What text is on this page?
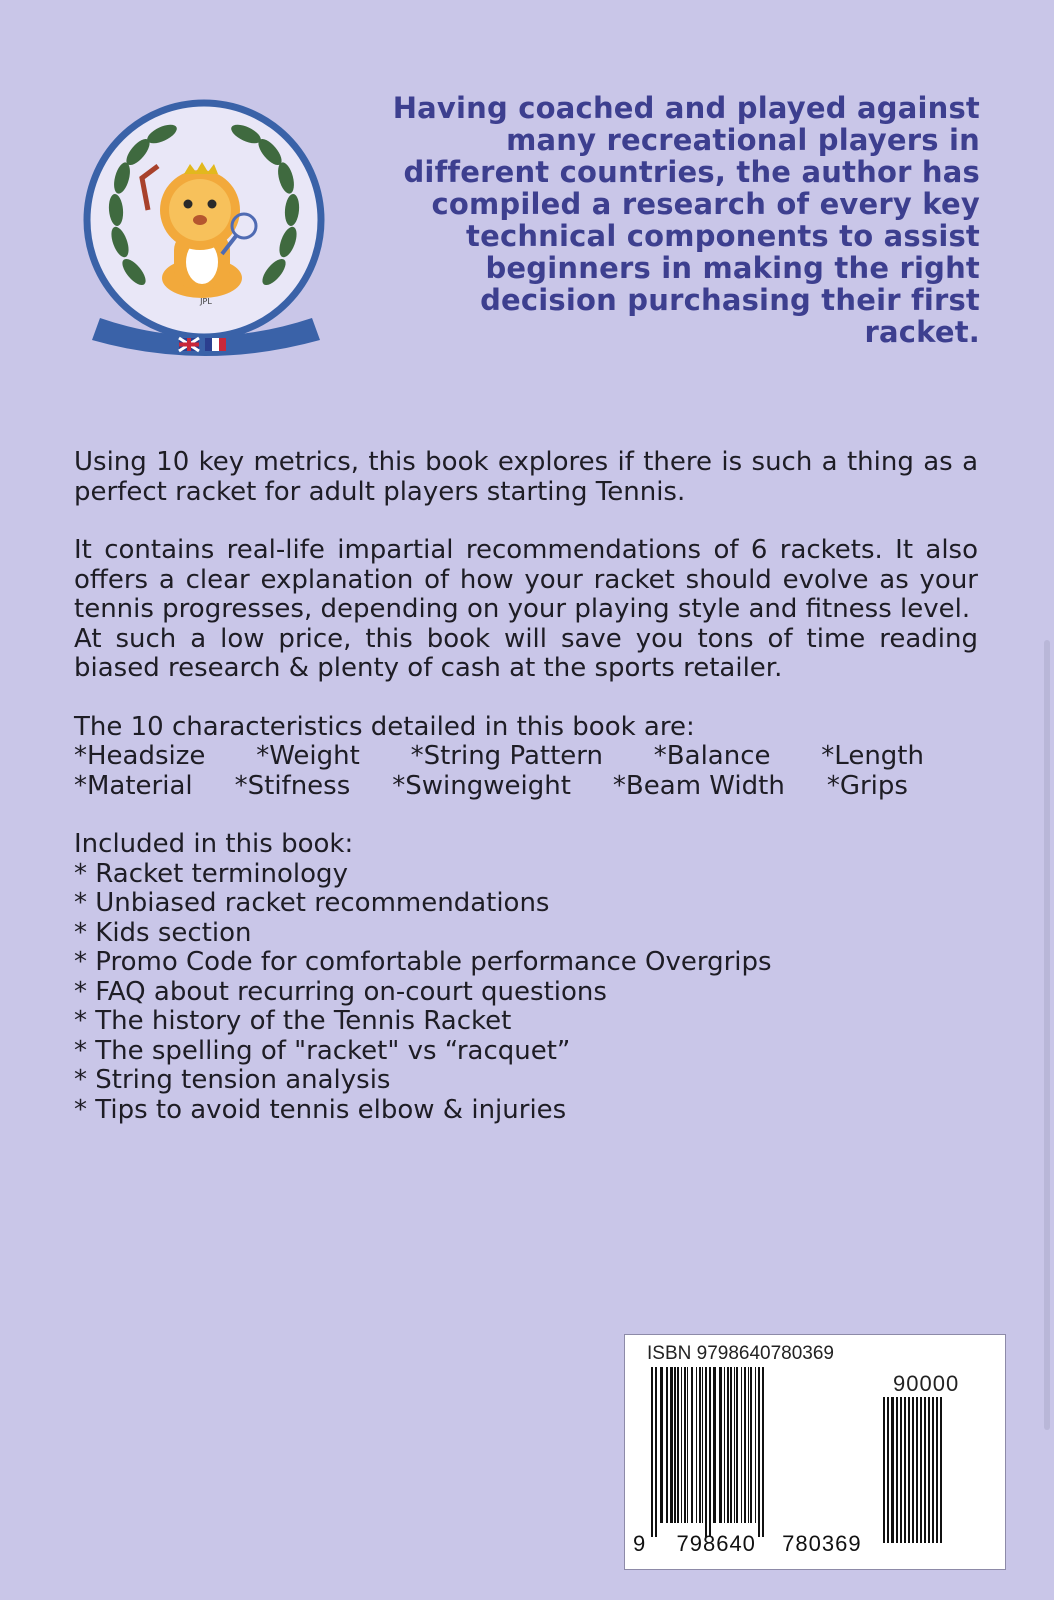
JPL
JPL
Having coached and played against
many recreational players in
different countries, the author has
compiled a research of every key
technical components to assist
beginners in making the right
decision purchasing their first racket.

Using 10 key metrics, this book explores if there is such a thing as a perfect racket for adult players starting Tennis.

It contains real-life impartial recommendations of 6 rackets. It also offers a clear explanation of how your racket should evolve as your tennis progresses, depending on your playing style and fitness level.

At such a low price, this book will save you tons of time reading biased research & plenty of cash at the sports retailer.

The 10 characteristics detailed in this book are:

*Headsize *Weight *String Pattern *Balance *Length
*Material *Stifness *Swingweight *Beam Width *Grips

Included in this book:

* Racket terminology
* Unbiased racket recommendations
* Kids section
* Promo Code for comfortable performance Overgrips
* FAQ about recurring on-court questions
* The history of the Tennis Racket
* The spelling of "racket" vs “racquet”
* String tension analysis
* Tips to avoid tennis elbow & injuries
ISBN 9798640780369
90000
9 798640 780369
